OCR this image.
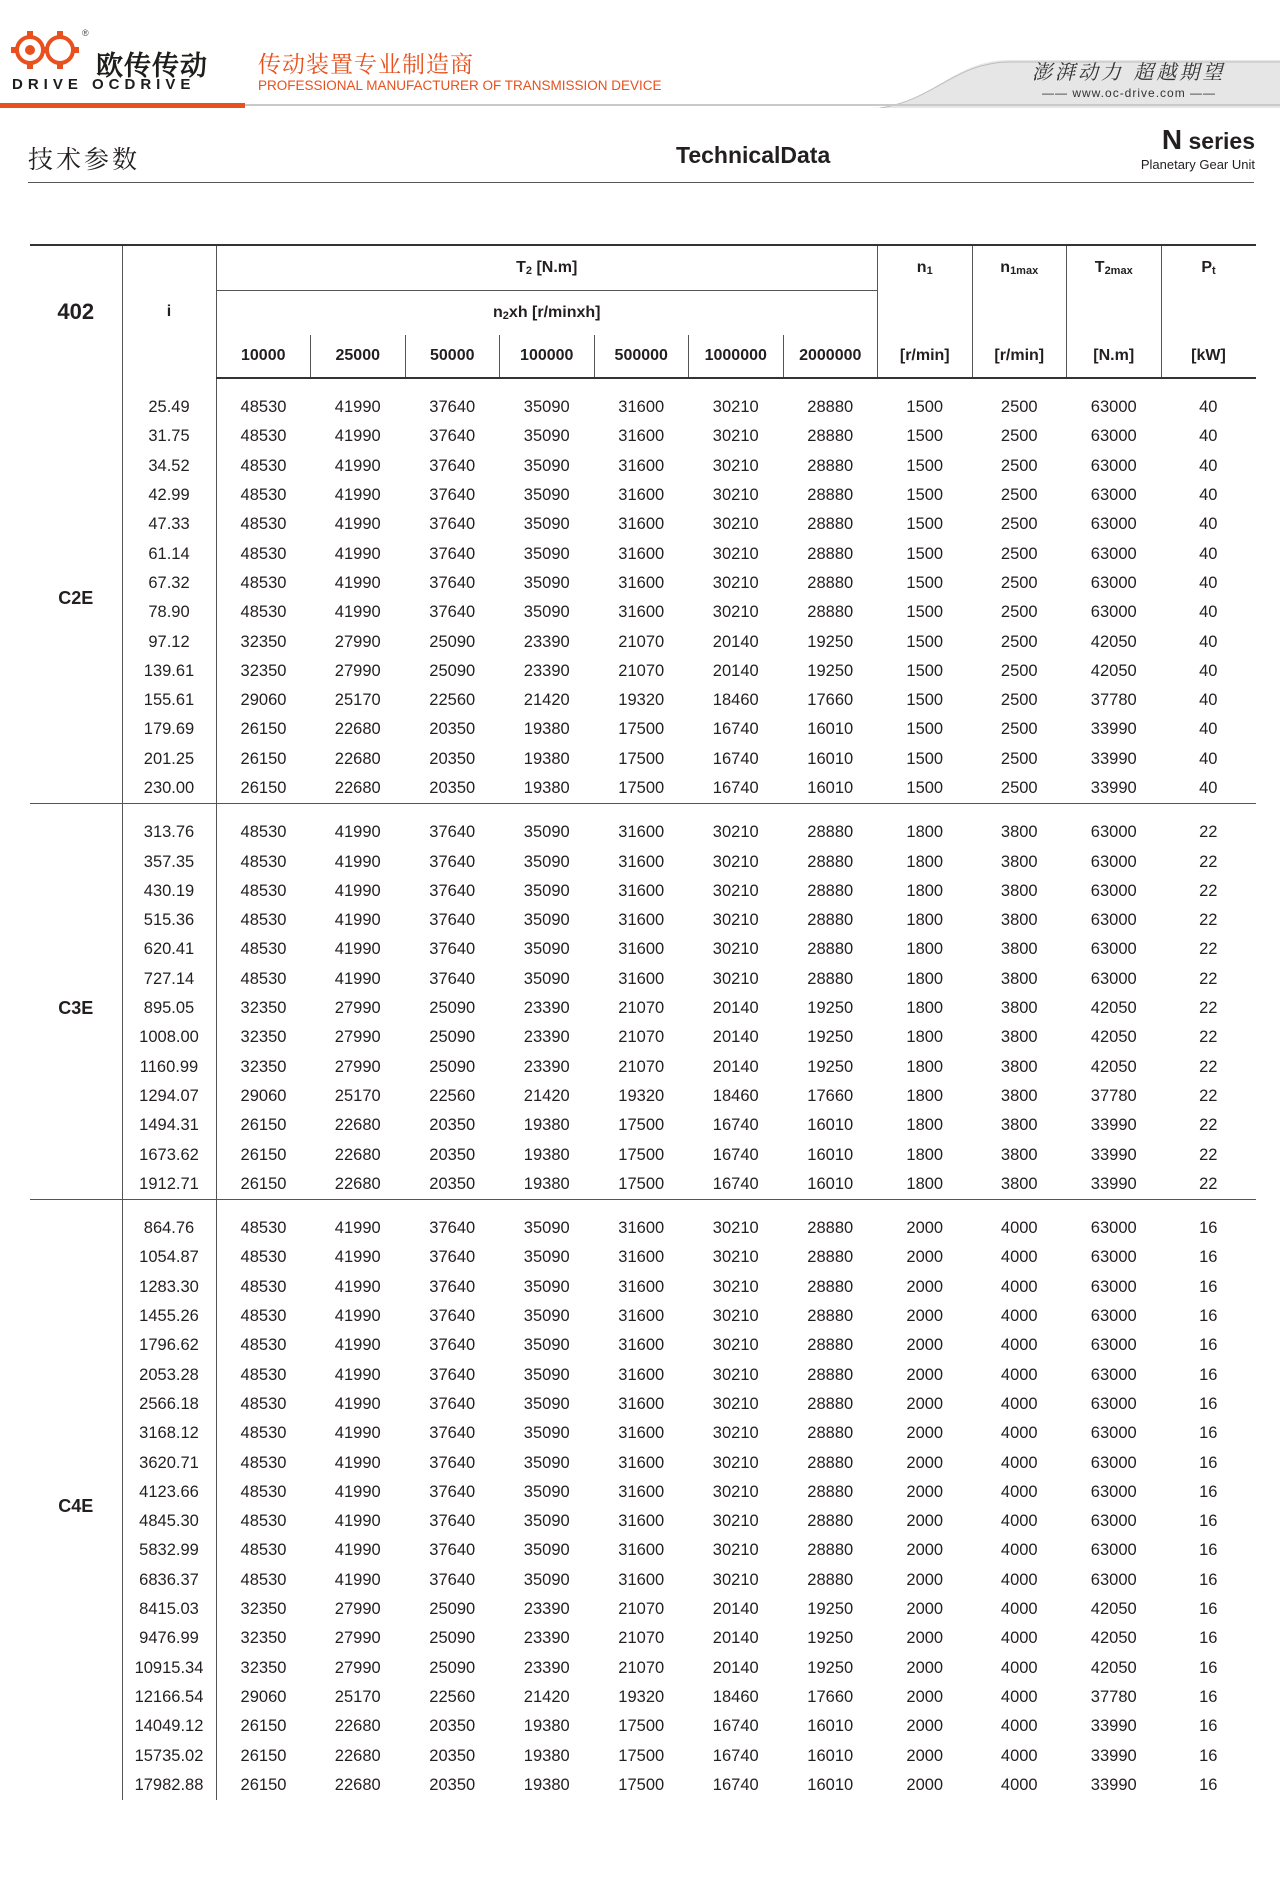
®
欧传传动
DRIVE OCDRIVE
传动装置专业制造商
PROFESSIONAL MANUFACTURER OF TRANSMISSION DEVICE
澎湃动力 超越期望
—— www.oc-drive.com ——
技术参数	TechnicalData	N series
Planetary Gear Unit
402	i	T2 [N.m]							n1	n1max	T2max	Pt
		n2xh [r/minxh]										
		10000	25000	50000	100000	500000	1000000	2000000	[r/min]	[r/min]	[N.m]	[kW]

C2E	25.49	48530	41990	37640	35090	31600	30210	28880	1500	2500	63000	40
	31.75	48530	41990	37640	35090	31600	30210	28880	1500	2500	63000	40
	34.52	48530	41990	37640	35090	31600	30210	28880	1500	2500	63000	40
	42.99	48530	41990	37640	35090	31600	30210	28880	1500	2500	63000	40
	47.33	48530	41990	37640	35090	31600	30210	28880	1500	2500	63000	40
	61.14	48530	41990	37640	35090	31600	30210	28880	1500	2500	63000	40
	67.32	48530	41990	37640	35090	31600	30210	28880	1500	2500	63000	40
	78.90	48530	41990	37640	35090	31600	30210	28880	1500	2500	63000	40
	97.12	32350	27990	25090	23390	21070	20140	19250	1500	2500	42050	40
	139.61	32350	27990	25090	23390	21070	20140	19250	1500	2500	42050	40
	155.61	29060	25170	22560	21420	19320	18460	17660	1500	2500	37780	40
	179.69	26150	22680	20350	19380	17500	16740	16010	1500	2500	33990	40
	201.25	26150	22680	20350	19380	17500	16740	16010	1500	2500	33990	40
	230.00	26150	22680	20350	19380	17500	16740	16010	1500	2500	33990	40

C3E	313.76	48530	41990	37640	35090	31600	30210	28880	1800	3800	63000	22
	357.35	48530	41990	37640	35090	31600	30210	28880	1800	3800	63000	22
	430.19	48530	41990	37640	35090	31600	30210	28880	1800	3800	63000	22
	515.36	48530	41990	37640	35090	31600	30210	28880	1800	3800	63000	22
	620.41	48530	41990	37640	35090	31600	30210	28880	1800	3800	63000	22
	727.14	48530	41990	37640	35090	31600	30210	28880	1800	3800	63000	22
	895.05	32350	27990	25090	23390	21070	20140	19250	1800	3800	42050	22
	1008.00	32350	27990	25090	23390	21070	20140	19250	1800	3800	42050	22
	1160.99	32350	27990	25090	23390	21070	20140	19250	1800	3800	42050	22
	1294.07	29060	25170	22560	21420	19320	18460	17660	1800	3800	37780	22
	1494.31	26150	22680	20350	19380	17500	16740	16010	1800	3800	33990	22
	1673.62	26150	22680	20350	19380	17500	16740	16010	1800	3800	33990	22
	1912.71	26150	22680	20350	19380	17500	16740	16010	1800	3800	33990	22

C4E	864.76	48530	41990	37640	35090	31600	30210	28880	2000	4000	63000	16
	1054.87	48530	41990	37640	35090	31600	30210	28880	2000	4000	63000	16
	1283.30	48530	41990	37640	35090	31600	30210	28880	2000	4000	63000	16
	1455.26	48530	41990	37640	35090	31600	30210	28880	2000	4000	63000	16
	1796.62	48530	41990	37640	35090	31600	30210	28880	2000	4000	63000	16
	2053.28	48530	41990	37640	35090	31600	30210	28880	2000	4000	63000	16
	2566.18	48530	41990	37640	35090	31600	30210	28880	2000	4000	63000	16
	3168.12	48530	41990	37640	35090	31600	30210	28880	2000	4000	63000	16
	3620.71	48530	41990	37640	35090	31600	30210	28880	2000	4000	63000	16
	4123.66	48530	41990	37640	35090	31600	30210	28880	2000	4000	63000	16
	4845.30	48530	41990	37640	35090	31600	30210	28880	2000	4000	63000	16
	5832.99	48530	41990	37640	35090	31600	30210	28880	2000	4000	63000	16
	6836.37	48530	41990	37640	35090	31600	30210	28880	2000	4000	63000	16
	8415.03	32350	27990	25090	23390	21070	20140	19250	2000	4000	42050	16
	9476.99	32350	27990	25090	23390	21070	20140	19250	2000	4000	42050	16
	10915.34	32350	27990	25090	23390	21070	20140	19250	2000	4000	42050	16
	12166.54	29060	25170	22560	21420	19320	18460	17660	2000	4000	37780	16
	14049.12	26150	22680	20350	19380	17500	16740	16010	2000	4000	33990	16
	15735.02	26150	22680	20350	19380	17500	16740	16010	2000	4000	33990	16
	17982.88	26150	22680	20350	19380	17500	16740	16010	2000	4000	33990	16
